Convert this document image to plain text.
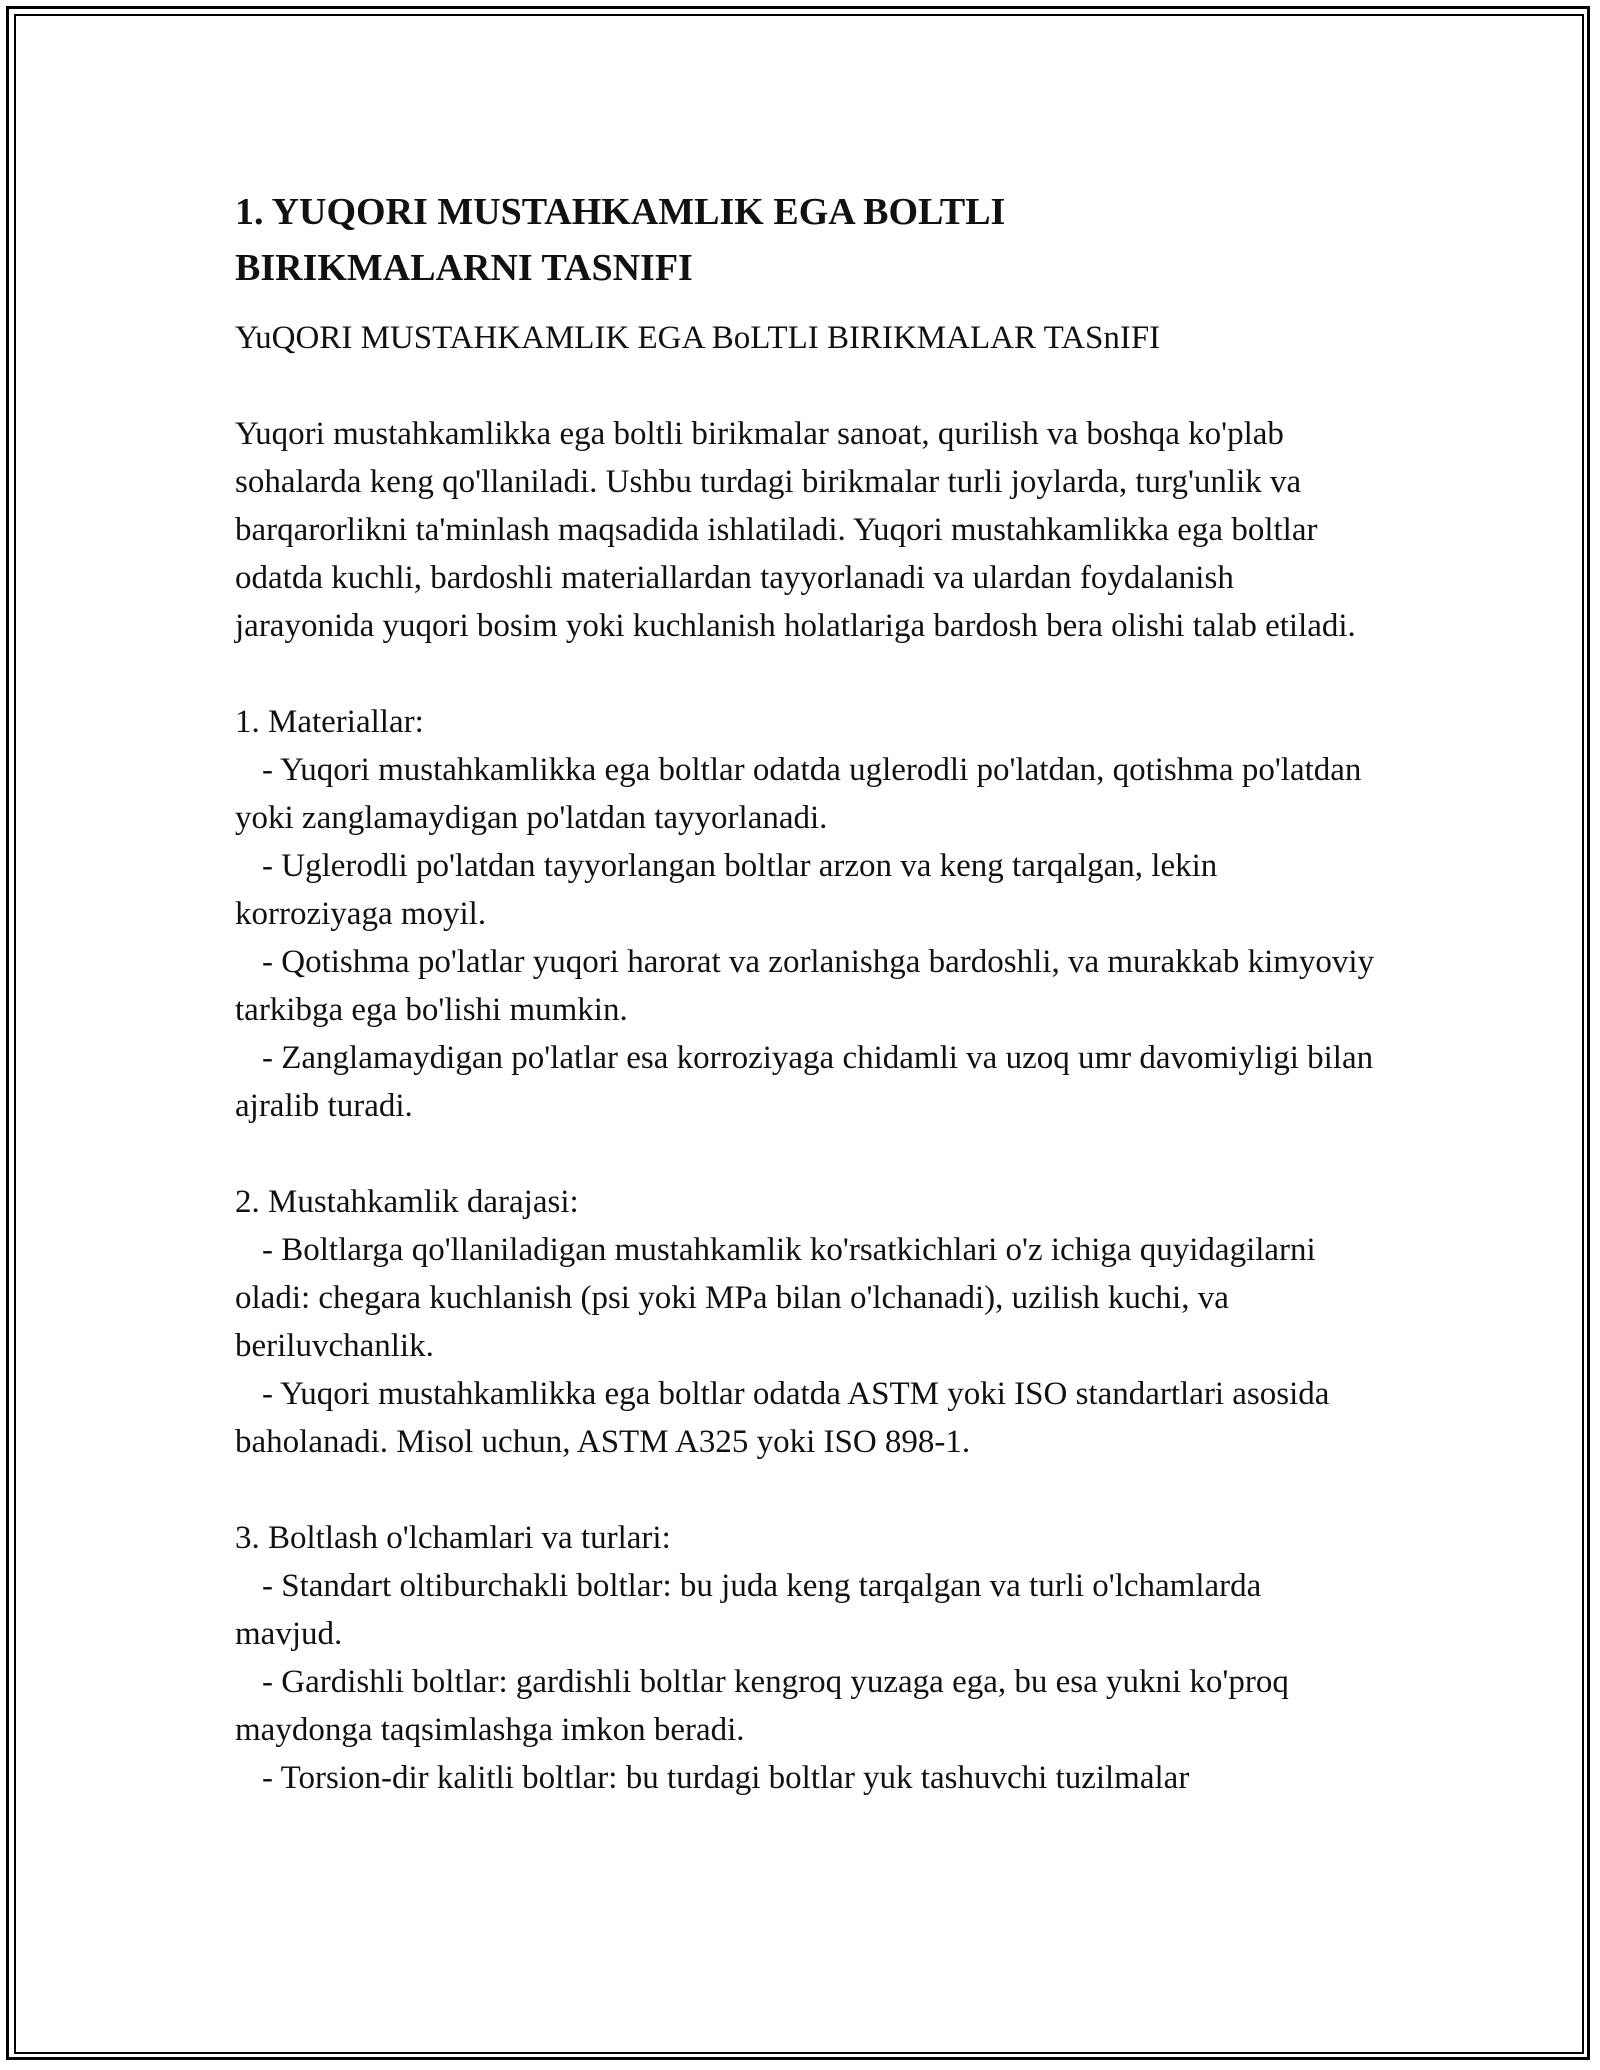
1. YUQORI MUSTAHKAMLIK EGA BOLTLI BIRIKMALARNI TASNIFI

YuQORI MUSTAHKAMLIK EGA BoLTLI BIRIKMALAR TASnIFI

Yuqori mustahkamlikka ega boltli birikmalar sanoat, qurilish va boshqa ko'plab sohalarda keng qo'llaniladi. Ushbu turdagi birikmalar turli joylarda, turg'unlik va barqarorlikni ta'minlash maqsadida ishlatiladi. Yuqori mustahkamlikka ega boltlar odatda kuchli, bardoshli materiallardan tayyorlanadi va ulardan foydalanish jarayonida yuqori bosim yoki kuchlanish holatlariga bardosh bera olishi talab etiladi.

1. Materiallar:

- Yuqori mustahkamlikka ega boltlar odatda uglerodli po'latdan, qotishma po'latdan yoki zanglamaydigan po'latdan tayyorlanadi.

- Uglerodli po'latdan tayyorlangan boltlar arzon va keng tarqalgan, lekin korroziyaga moyil.

- Qotishma po'latlar yuqori harorat va zorlanishga bardoshli, va murakkab kimyoviy tarkibga ega bo'lishi mumkin.

- Zanglamaydigan po'latlar esa korroziyaga chidamli va uzoq umr davomiyligi bilan ajralib turadi.

2. Mustahkamlik darajasi:

- Boltlarga qo'llaniladigan mustahkamlik ko'rsatkichlari o'z ichiga quyidagilarni oladi: chegara kuchlanish (psi yoki MPa bilan o'lchanadi), uzilish kuchi, va beriluvchanlik.

- Yuqori mustahkamlikka ega boltlar odatda ASTM yoki ISO standartlari asosida baholanadi. Misol uchun, ASTM A325 yoki ISO 898-1.

3. Boltlash o'lchamlari va turlari:

- Standart oltiburchakli boltlar: bu juda keng tarqalgan va turli o'lchamlarda mavjud.

- Gardishli boltlar: gardishli boltlar kengroq yuzaga ega, bu esa yukni ko'proq maydonga taqsimlashga imkon beradi.

- Torsion-dir kalitli boltlar: bu turdagi boltlar yuk tashuvchi tuzilmalar
